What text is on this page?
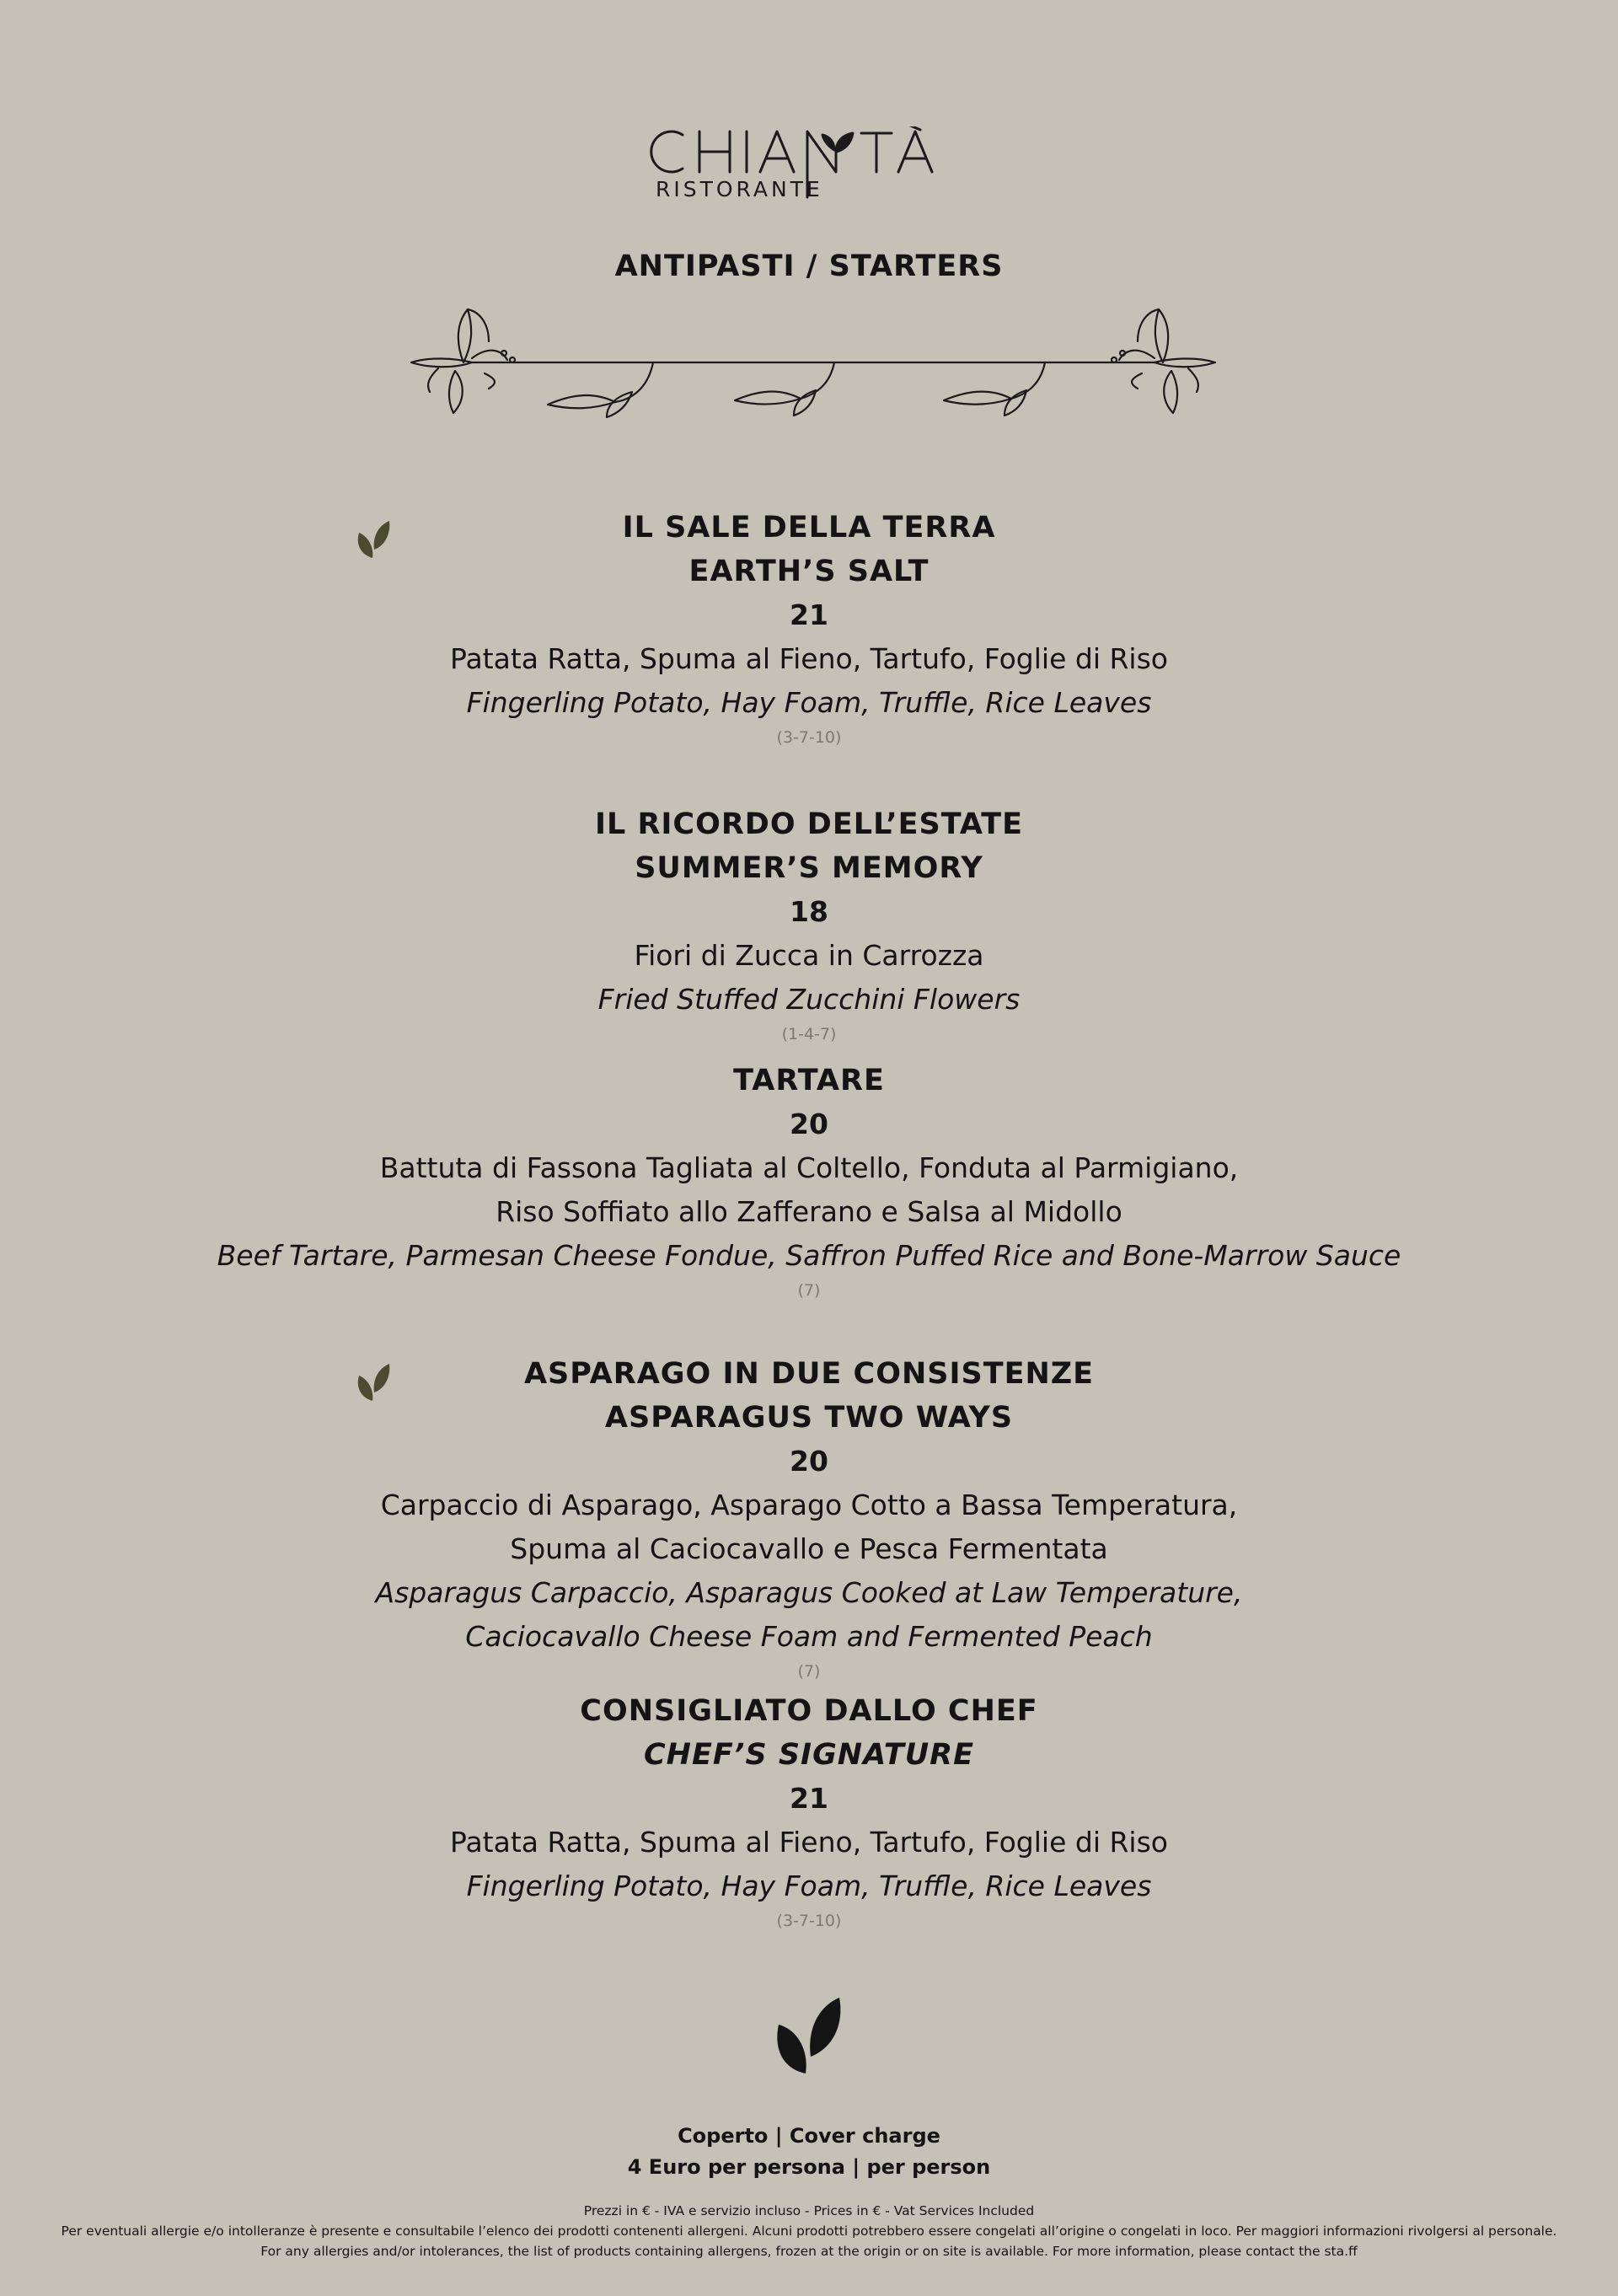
RISTORANTE
ANTIPASTI / STARTERS
IL SALE DELLA TERRA
EARTH’S SALT
21
Patata Ratta, Spuma al Fieno, Tartufo, Foglie di Riso
Fingerling Potato, Hay Foam, Truffle, Rice Leaves
(3-7-10)
IL RICORDO DELL’ESTATE
SUMMER’S MEMORY
18
Fiori di Zucca in Carrozza
Fried Stuffed Zucchini Flowers
(1-4-7)
TARTARE
20
Battuta di Fassona Tagliata al Coltello, Fonduta al Parmigiano,
Riso Soffiato allo Zafferano e Salsa al Midollo
Beef Tartare, Parmesan Cheese Fondue, Saffron Puffed Rice and Bone-Marrow Sauce
(7)
ASPARAGO IN DUE CONSISTENZE
ASPARAGUS TWO WAYS
20
Carpaccio di Asparago, Asparago Cotto a Bassa Temperatura,
Spuma al Caciocavallo e Pesca Fermentata
Asparagus Carpaccio, Asparagus Cooked at Law Temperature,
Caciocavallo Cheese Foam and Fermented Peach
(7)
CONSIGLIATO DALLO CHEF
CHEF’S SIGNATURE
21
Patata Ratta, Spuma al Fieno, Tartufo, Foglie di Riso
Fingerling Potato, Hay Foam, Truffle, Rice Leaves
(3-7-10)
Coperto | Cover charge
4 Euro per persona | per person
Prezzi in € - IVA e servizio incluso - Prices in € - Vat Services Included
Per eventuali allergie e/o intolleranze è presente e consultabile l’elenco dei prodotti contenenti allergeni. Alcuni prodotti potrebbero essere congelati all’origine o congelati in loco. Per maggiori informazioni rivolgersi al personale.
For any allergies and/or intolerances, the list of products containing allergens, frozen at the origin or on site is available. For more information, please contact the sta.ff
